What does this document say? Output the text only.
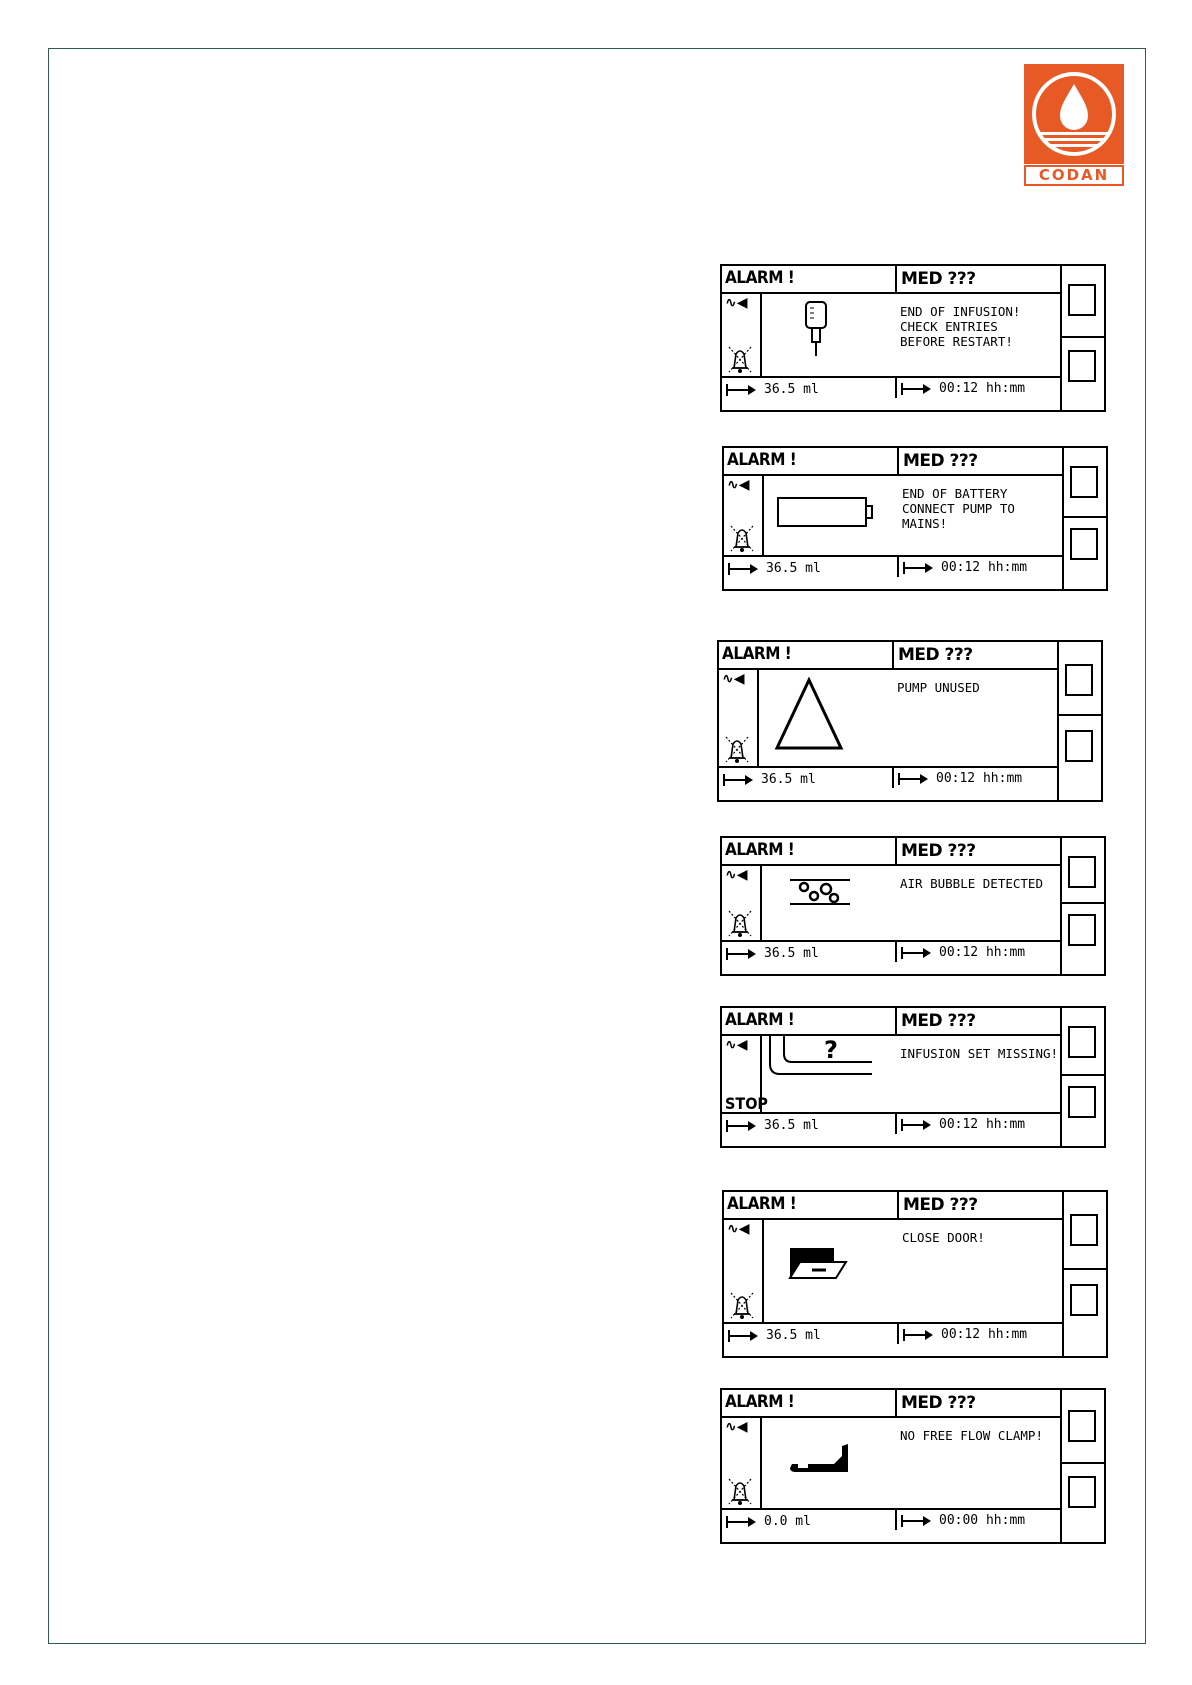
CODAN
ALARM !	MED ???
∿◀
END OF INFUSION!
CHECK ENTRIES
BEFORE RESTART!
36.5 ml	00:12 hh:mm
ALARM !	MED ???
∿◀
END OF BATTERY
CONNECT PUMP TO
MAINS!
36.5 ml	00:12 hh:mm
ALARM !	MED ???
∿◀
PUMP UNUSED
36.5 ml	00:12 hh:mm
ALARM !	MED ???
∿◀
AIR BUBBLE DETECTED
36.5 ml	00:12 hh:mm
ALARM !	MED ???
∿◀
STOP
?	INFUSION SET MISSING!
36.5 ml	00:12 hh:mm
ALARM !	MED ???
∿◀
CLOSE DOOR!
36.5 ml	00:12 hh:mm
ALARM !	MED ???
∿◀
NO FREE FLOW CLAMP!
0.0 ml	00:00 hh:mm
